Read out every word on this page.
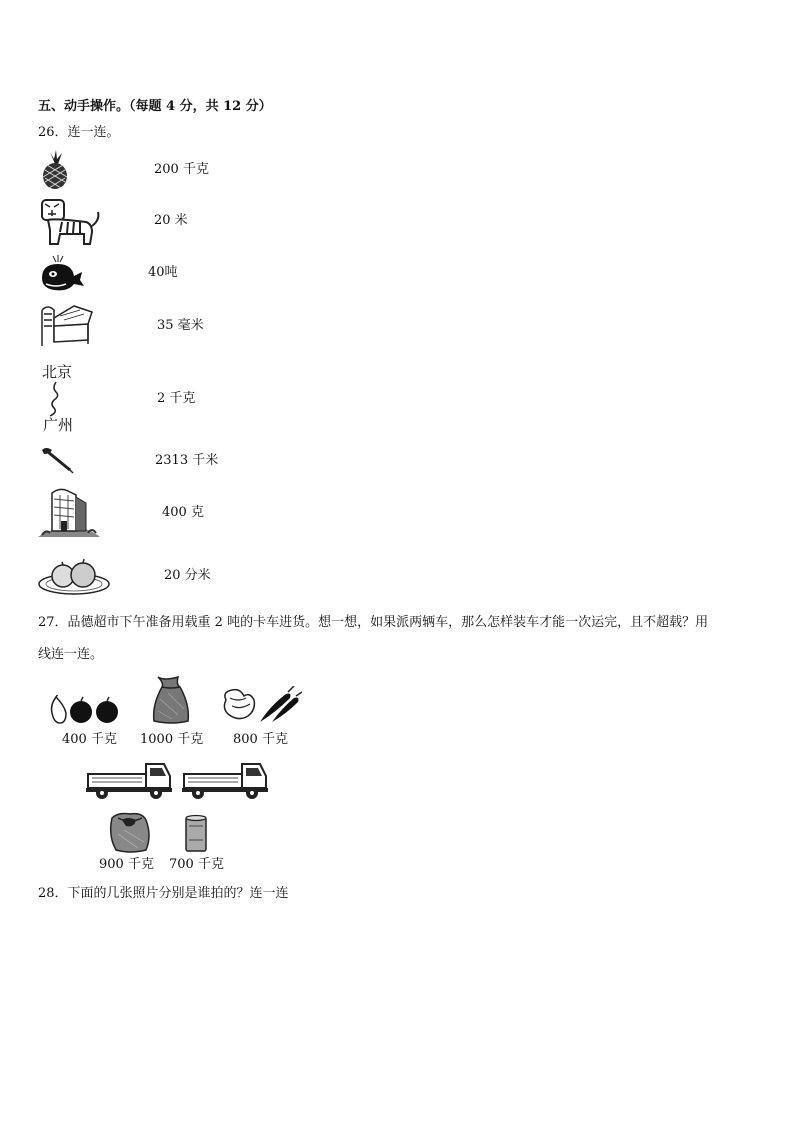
五、动手操作。（每题 4 分，共 12 分）
26．连一连。
200 千克
20 米
40吨
35 毫米
北京
广州
2 千克
2313 千米
400 克
20 分米
27．品德超市下午准备用载重 2 吨的卡车进货。想一想，如果派两辆车，那么怎样装车才能一次运完，且不超载？用
线连一连。
400 千克 1000 千克 800 千克
900 千克 700 千克
28．下面的几张照片分别是谁拍的？连一连
